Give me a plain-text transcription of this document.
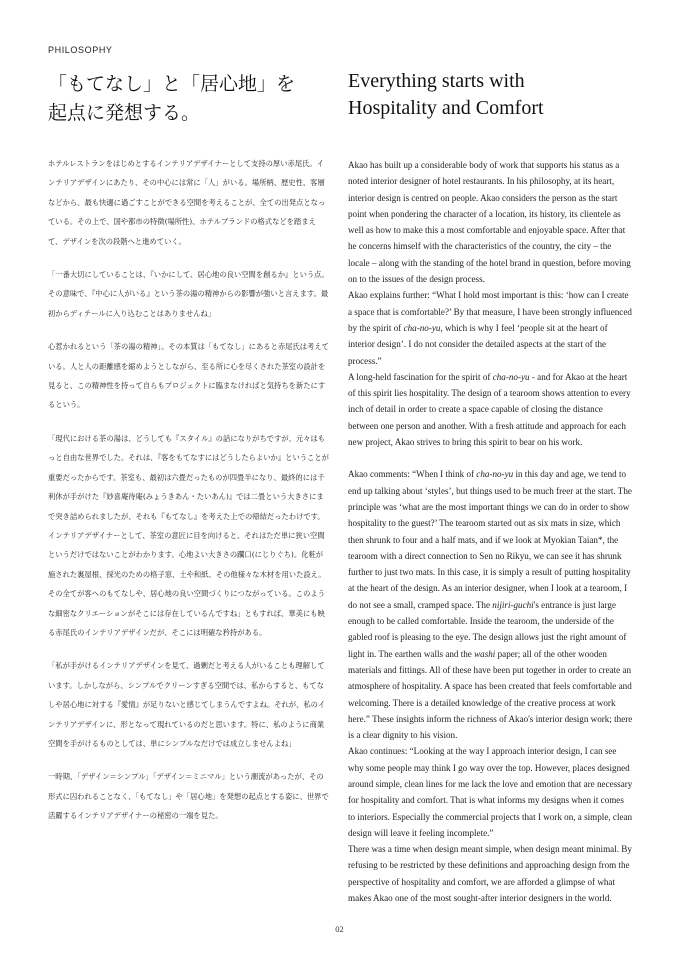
PHILOSOPHY
「もてなし」と「居心地」を
起点に発想する。
Everything starts with
Hospitality and Comfort

ホテルレストランをはじめとするインテリアデザイナーとして支持の厚い赤尾氏。インテリアデザインにあたり、その中心には常に「人」がいる。場所柄、歴史性、客層などから、最も快適に過ごすことができる空間を考えることが、全ての出発点となっている。その上で、国や都市の特徴(場所性)、ホテルブランドの格式などを踏まえて、デザインを次の段階へと進めていく。

「一番大切にしていることは、『いかにして、居心地の良い空間を創るか』という点。その意味で、『中心に人がいる』という茶の湯の精神からの影響が強いと言えます。最初からディテールに入り込むことはありませんね」

心惹かれるという「茶の湯の精神」。その本質は「もてなし」にあると赤尾氏は考えている。人と人の距離感を縮めようとしながら、至る所に心を尽くされた茶室の設計を見ると、この精神性を持って自らもプロジェクトに臨まなければと気持ちを新たにするという。

「現代における茶の湯は、どうしても『スタイル』の話になりがちですが、元々はもっと自由な世界でした。それは、『客をもてなすにはどうしたらよいか』ということが重要だったからです。茶室も、最初は六畳だったものが四畳半になり、最終的には千利休が手がけた『妙喜庵待庵(みょうきあん・たいあん)』では二畳という大きさにまで突き詰められましたが、それも『もてなし』を考えた上での帰結だったわけです。インテリアデザイナーとして、茶室の意匠に目を向けると、それはただ単に狭い空間というだけではないことがわかります。心地よい大きさの躙口(にじりぐち)。化粧が施された裏屋根、採光のための格子窓、土や和紙、その他様々な木材を用いた設え。その全てが客へのもてなしや、居心地の良い空間づくりにつながっている。このような細密なクリエーションがそこには存在しているんですね」ともすれば、華美にも映る赤尾氏のインテリアデザインだが、そこには明確な矜持がある。

「私が手がけるインテリアデザインを見て、過剰だと考える人がいることも理解しています。しかしながら、シンプルでクリーンすぎる空間では、私からすると、もてなしや居心地に対する『愛情』が足りないと感じてしまうんですよね。それが、私のインテリアデザインに、形となって現れているのだと思います。特に、私のように商業空間を手がけるものとしては、単にシンプルなだけでは成立しませんよね」

一時期、「デザイン＝シンプル」「デザイン＝ミニマル」という潮流があったが、その形式に囚われることなく、「もてなし」や「居心地」を発想の起点とする姿に、世界で活躍するインテリアデザイナーの秘密の一端を見た。

Akao has built up a considerable body of work that supports his status as a noted interior designer of hotel restaurants. In his philosophy, at its heart, interior design is centred on people. Akao considers the person as the start point when pondering the character of a location, its history, its clientele as well as how to make this a most comfortable and enjoyable space. After that he concerns himself with the characteristics of the country, the city – the locale – along with the standing of the hotel brand in question, before moving on to the issues of the design process.

Akao explains further: “What I hold most important is this: ‘how can I create a space that is comfortable?’ By that measure, I have been strongly influenced by the spirit of cha-no-yu, which is why I feel ‘people sit at the heart of interior design’. I do not consider the detailed aspects at the start of the process.”

A long-held fascination for the spirit of cha-no-yu - and for Akao at the heart of this spirit lies hospitality. The design of a tearoom shows attention to every inch of detail in order to create a space capable of closing the distance between one person and another. With a fresh attitude and approach for each new project, Akao strives to bring this spirit to bear on his work.

Akao comments: “When I think of cha-no-yu in this day and age, we tend to end up talking about ‘styles’, but things used to be much freer at the start. The principle was ‘what are the most important things we can do in order to show hospitality to the guest?’ The tearoom started out as six mats in size, which then shrunk to four and a half mats, and if we look at Myokian Taian*, the tearoom with a direct connection to Sen no Rikyu, we can see it has shrunk further to just two mats. In this case, it is simply a result of putting hospitality at the heart of the design. As an interior designer, when I look at a tearoom, I do not see a small, cramped space. The nijiri-guchi's entrance is just large enough to be called comfortable. Inside the tearoom, the underside of the gabled roof is pleasing to the eye. The design allows just the right amount of light in. The earthen walls and the washi paper; all of the other wooden materials and fittings. All of these have been put together in order to create an atmosphere of hospitality. A space has been created that feels comfortable and welcoming. There is a detailed knowledge of the creative process at work here.” These insights inform the richness of Akao's interior design work; there is a clear dignity to his vision.

Akao continues: “Looking at the way I approach interior design, I can see why some people may think I go way over the top. However, places designed around simple, clean lines for me lack the love and emotion that are necessary for hospitality and comfort. That is what informs my designs when it comes to interiors. Especially the commercial projects that I work on, a simple, clean design will leave it feeling incomplete.”

There was a time when design meant simple, when design meant minimal. By refusing to be restricted by these definitions and approaching design from the perspective of hospitality and comfort, we are afforded a glimpse of what makes Akao one of the most sought-after interior designers in the world.

02
